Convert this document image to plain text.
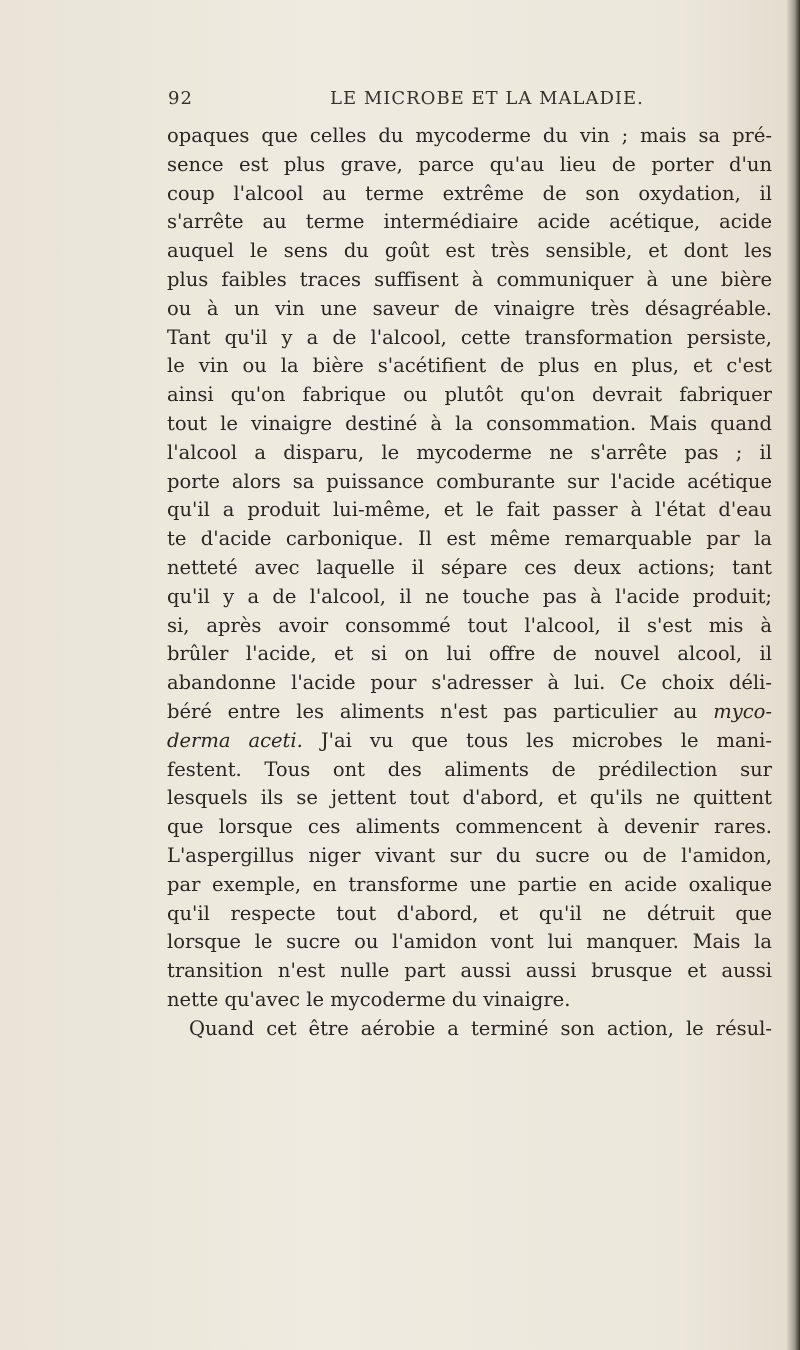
92	LE MICROBE ET LA MALADIE.
opaques que celles du mycoderme du vin ; mais sa pré-
sence est plus grave, parce qu'au lieu de porter d'un
coup l'alcool au terme extrême de son oxydation, il
s'arrête au terme intermédiaire acide acétique, acide
auquel le sens du goût est très sensible, et dont les
plus faibles traces suffisent à communiquer à une bière
ou à un vin une saveur de vinaigre très désagréable.
Tant qu'il y a de l'alcool, cette transformation persiste,
le vin ou la bière s'acétifient de plus en plus, et c'est
ainsi qu'on fabrique ou plutôt qu'on devrait fabriquer
tout le vinaigre destiné à la consommation. Mais quand
l'alcool a disparu, le mycoderme ne s'arrête pas ; il
porte alors sa puissance comburante sur l'acide acétique
qu'il a produit lui-même, et le fait passer à l'état d'eau
te d'acide carbonique. Il est même remarquable par la
netteté avec laquelle il sépare ces deux actions; tant
qu'il y a de l'alcool, il ne touche pas à l'acide produit;
si, après avoir consommé tout l'alcool, il s'est mis à
brûler l'acide, et si on lui offre de nouvel alcool, il
abandonne l'acide pour s'adresser à lui. Ce choix déli-
béré entre les aliments n'est pas particulier au myco-
derma aceti. J'ai vu que tous les microbes le mani-
festent. Tous ont des aliments de prédilection sur
lesquels ils se jettent tout d'abord, et qu'ils ne quittent
que lorsque ces aliments commencent à devenir rares.
L'aspergillus niger vivant sur du sucre ou de l'amidon,
par exemple, en transforme une partie en acide oxalique
qu'il respecte tout d'abord, et qu'il ne détruit que
lorsque le sucre ou l'amidon vont lui manquer. Mais la
transition n'est nulle part aussi aussi brusque et aussi
nette qu'avec le mycoderme du vinaigre.
Quand cet être aérobie a terminé son action, le résul-
